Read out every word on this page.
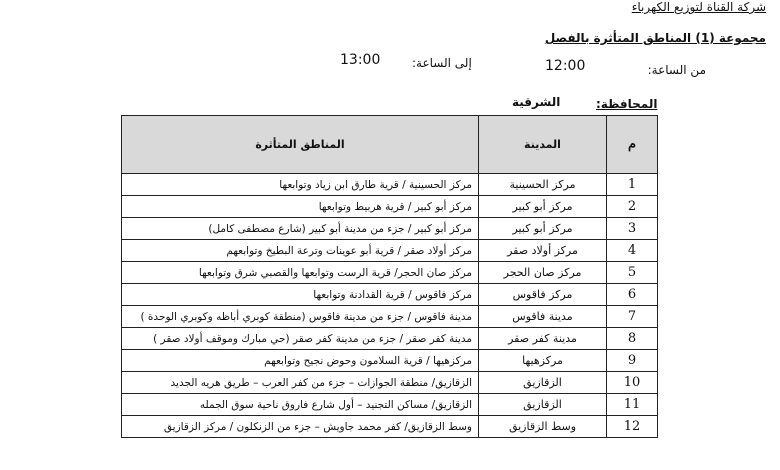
شركة القناة لتوزيع الكهرباء
مجموعة (1) المناطق المتأثرة بالفصل
من الساعة:
12:00
إلى الساعة:
13:00
المحافظة:
الشرقية
م	المدينة	المناطق المتأثرة
1	مركز الحسينية	مركز الحسينية / قرية طارق ابن زياد وتوابعها
2	مركز أبو كبير	مركز أبو كبير / قرية هربيط وتوابعها
3	مركز أبو كبير	مركز أبو كبير / جزء من مدينة أبو كبير (شارع مصطفى كامل)
4	مركز أولاد صقر	مركز أولاد صقر / قرية أبو عوينات وترعة البطيخ وتوابعهم
5	مركز صان الحجر	مركز صان الحجر/ قرية الرست وتوابعها والقصبي شرق وتوابعها
6	مركز فاقوس	مركز فاقوس / قرية القدادنة وتوابعها
7	مدينة فاقوس	مدينة فاقوس / جزء من مدينة فاقوس (منطقة كوبري أباظه وكوبري الوحدة )
8	مدينة كفر صقر	مدينة كفر صقر / جزء من مدينة كفر صقر (حي مبارك وموقف أولاد صقر )
9	مركزهيها	مركزهيها / قرية السلامون وحوض نجيح وتوابعهم
10	الزقازيق	الزقازيق/ منطقة الجوازات – جزء من كفر العرب – طريق هريه الجديد
11	الزقازيق	الزقازيق/ مساكن التجنيد – أول شارع فاروق ناحية سوق الجمله
12	وسط الزقازيق	وسط الزقازيق/ كفر محمد جاويش – جزء من الزنكلون / مركز الزقازيق
